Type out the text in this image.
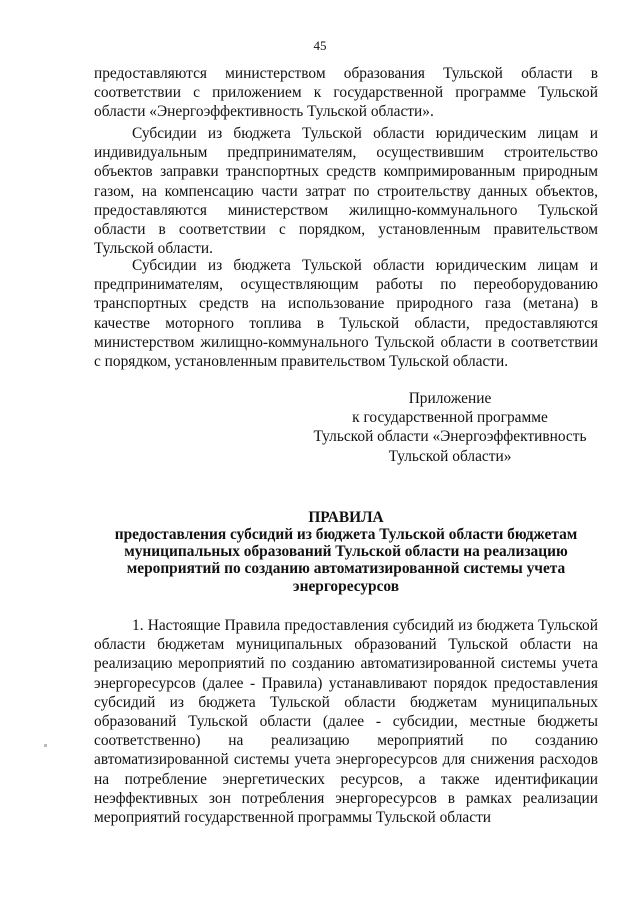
45

предоставляются министерством образования Тульской области в соответствии с приложением к государственной программе Тульской области «Энергоэффективность Тульской области».

Субсидии из бюджета Тульской области юридическим лицам и индивидуальным предпринимателям, осуществившим строительство объектов заправки транспортных средств компримированным природным газом, на компенсацию части затрат по строительству данных объектов, предоставляются министерством жилищно-коммунального Тульской области в соответствии с порядком, установленным правительством Тульской области.

Субсидии из бюджета Тульской области юридическим лицам и предпринимателям, осуществляющим работы по переоборудованию транспортных средств на использование природного газа (метана) в качестве моторного топлива в Тульской области, предоставляются министерством жилищно-коммунального Тульской области в соответствии с порядком, установленным правительством Тульской области.

Приложение
к государственной программе
Тульской области «Энергоэффективность
Тульской области»
ПРАВИЛА
предоставления субсидий из бюджета Тульской области бюджетам муниципальных образований Тульской области на реализацию мероприятий по созданию автоматизированной системы учета энергоресурсов

1. Настоящие Правила предоставления субсидий из бюджета Тульской области бюджетам муниципальных образований Тульской области на реализацию мероприятий по созданию автоматизированной системы учета энергоресурсов (далее - Правила) устанавливают порядок предоставления субсидий из бюджета Тульской области бюджетам муниципальных образований Тульской области (далее - субсидии, местные бюджеты соответственно) на реализацию мероприятий по созданию автоматизированной системы учета энергоресурсов для снижения расходов на потребление энергетических ресурсов, а также идентификации неэффективных зон потребления энергоресурсов в рамках реализации мероприятий государственной программы Тульской области
